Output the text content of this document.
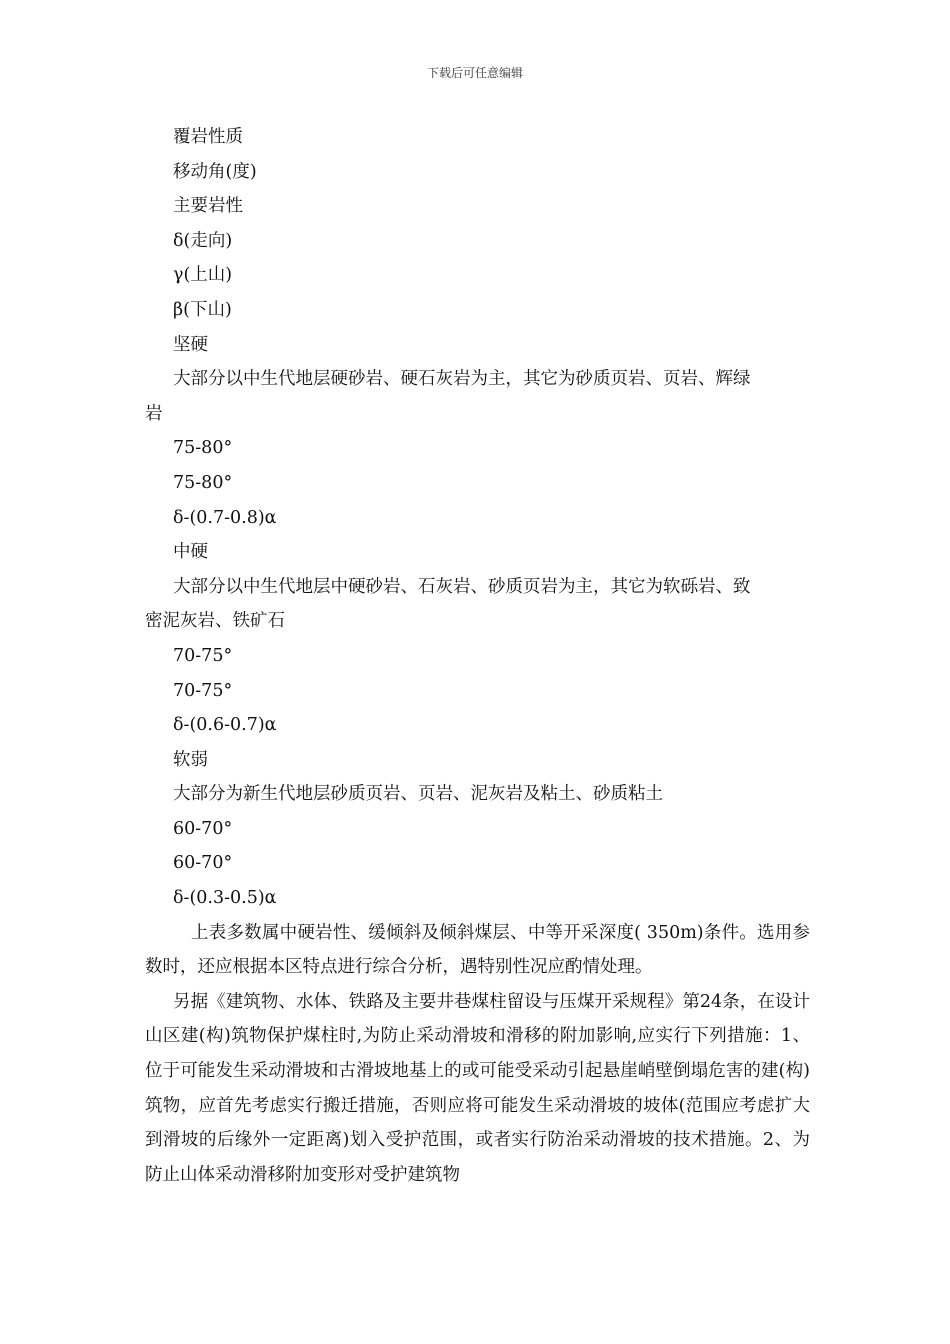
下载后可任意编辑
覆岩性质
移动角(度)
主要岩性
δ(走向)
γ(上山)
β(下山)
坚硬
大部分以中生代地层硬砂岩、硬石灰岩为主，其它为砂质页岩、页岩、辉绿
岩
75-80°
75-80°
δ-(0.7-0.8)α
中硬
大部分以中生代地层中硬砂岩、石灰岩、砂质页岩为主，其它为软砾岩、致
密泥灰岩、铁矿石
70-75°
70-75°
δ-(0.6-0.7)α
软弱
大部分为新生代地层砂质页岩、页岩、泥灰岩及粘土、砂质粘土
60-70°
60-70°
δ-(0.3-0.5)α

上表多数属中硬岩性、缓倾斜及倾斜煤层、中等开采深度( 350m)条件。选用参数时，还应根据本区特点进行综合分析，遇特别性况应酌情处理。

另据《建筑物、水体、铁路及主要井巷煤柱留设与压煤开采规程》第24条，在设计山区建(构)筑物保护煤柱时,为防止采动滑坡和滑移的附加影响,应实行下列措施：1、位于可能发生采动滑坡和古滑坡地基上的或可能受采动引起悬崖峭壁倒塌危害的建(构)筑物，应首先考虑实行搬迁措施，否则应将可能发生采动滑坡的坡体(范围应考虑扩大到滑坡的后缘外一定距离)划入受护范围，或者实行防治采动滑坡的技术措施。2、为防止山体采动滑移附加变形对受护建筑物
